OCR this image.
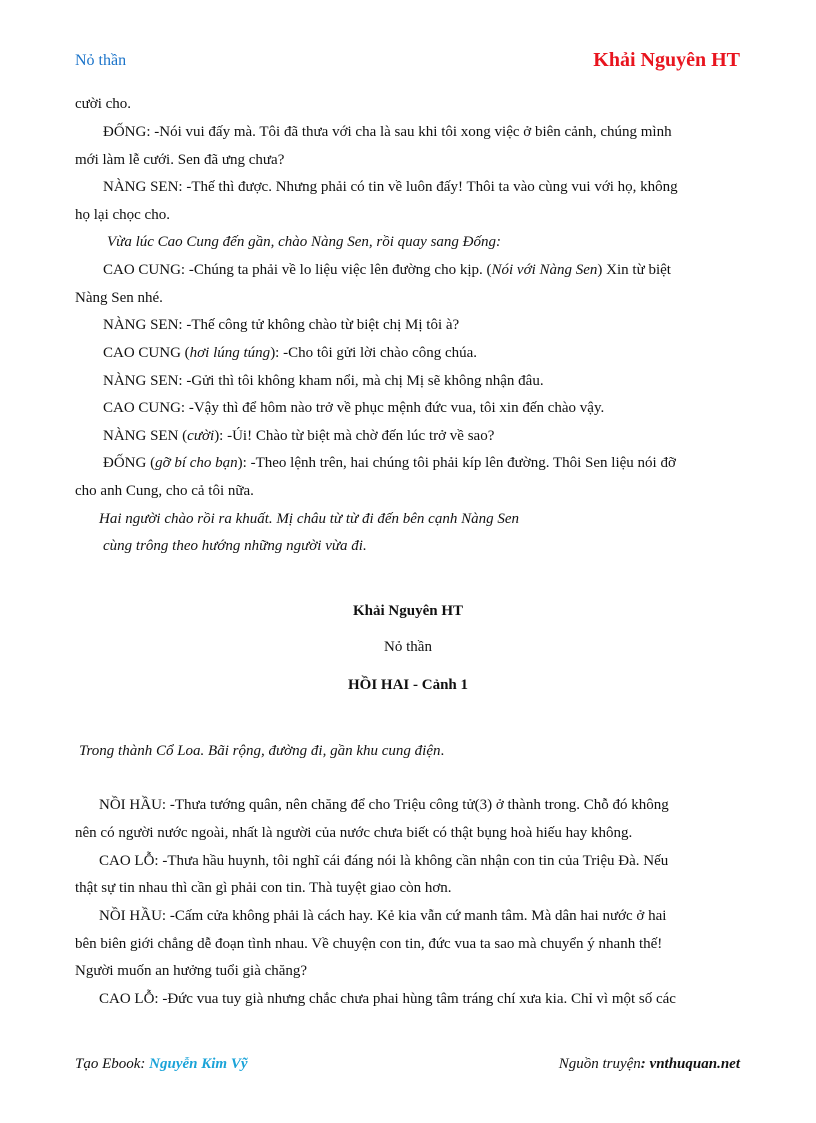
Nỏ thần	Khải Nguyên HT
cười cho.
ĐỐNG: -Nói vui đấy mà. Tôi đã thưa với cha là sau khi tôi xong việc ở biên cảnh, chúng mình
mới làm lễ cưới. Sen đã ưng chưa?
NÀNG SEN: -Thế thì được. Nhưng phải có tin về luôn đấy! Thôi ta vào cùng vui với họ, không
họ lại chọc cho.
Vừa lúc Cao Cung đến gần, chào Nàng Sen, rồi quay sang Đống:
CAO CUNG: -Chúng ta phải về lo liệu việc lên đường cho kịp. (Nói với Nàng Sen) Xin từ biệt
Nàng Sen nhé.
NÀNG SEN: -Thế công tử không chào từ biệt chị Mị tôi à?
CAO CUNG (hơi lúng túng): -Cho tôi gửi lời chào công chúa.
NÀNG SEN: -Gửi thì tôi không kham nổi, mà chị Mị sẽ không nhận đâu.
CAO CUNG: -Vậy thì để hôm nào trở về phục mệnh đức vua, tôi xin đến chào vậy.
NÀNG SEN (cười): -Úi! Chào từ biệt mà chờ đến lúc trở về sao?
ĐỐNG (gỡ bí cho bạn): -Theo lệnh trên, hai chúng tôi phải kíp lên đường. Thôi Sen liệu nói đỡ
cho anh Cung, cho cả tôi nữa.
Hai người chào rồi ra khuất. Mị châu từ từ đi đến bên cạnh Nàng Sen
cùng trông theo hướng những người vừa đi.
Khải Nguyên HT
Nỏ thần
HỒI HAI - Cảnh 1
Trong thành Cổ Loa. Bãi rộng, đường đi, gần khu cung điện.
NỒI HẦU: -Thưa tướng quân, nên chăng để cho Triệu công tử(3) ở thành trong. Chỗ đó không
nên có người nước ngoài, nhất là người của nước chưa biết có thật bụng hoà hiếu hay không.
CAO LỖ: -Thưa hầu huynh, tôi nghĩ cái đáng nói là không cần nhận con tin của Triệu Đà. Nếu
thật sự tin nhau thì cần gì phải con tin. Thà tuyệt giao còn hơn.
NỒI HẦU: -Cấm cửa không phải là cách hay. Kẻ kia vẫn cứ manh tâm. Mà dân hai nước ở hai
bên biên giới chẳng dễ đoạn tình nhau. Về chuyện con tin, đức vua ta sao mà chuyển ý nhanh thế!
Người muốn an hưởng tuổi già chăng?
CAO LỖ: -Đức vua tuy già nhưng chắc chưa phai hùng tâm tráng chí xưa kia. Chỉ vì một số các
Tạo Ebook: Nguyễn Kim Vỹ	Nguồn truyện: vnthuquan.net
